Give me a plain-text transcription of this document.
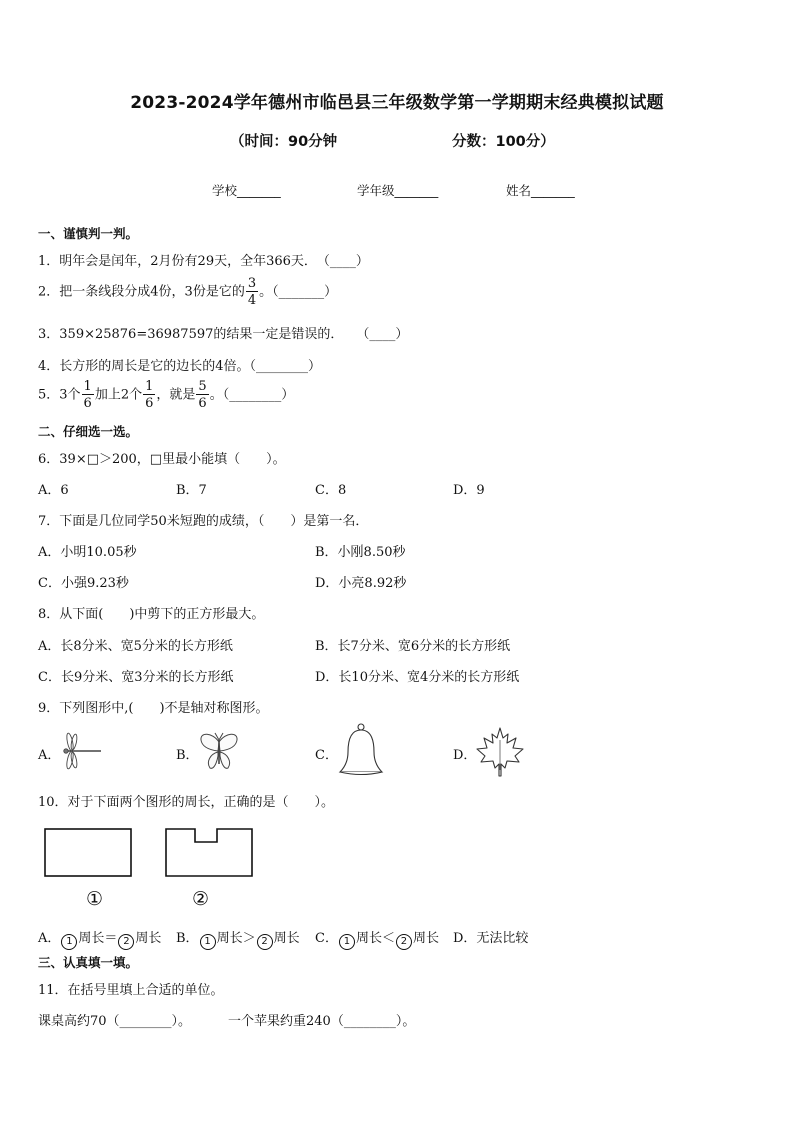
2023-2024学年德州市临邑县三年级数学第一学期期末经典模拟试题
（时间：90分钟	分数：100分）
学校_______	学年级_______	姓名_______
一、谨慎判一判。
1．明年会是闰年，2月份有29天，全年366天．　（____）
2．把一条线段分成4份，3份是它的 $\frac{3}{4}$ 。（_______）
3．359×25876=36987597的结果一定是错误的．　　（____）
4．长方形的周长是它的边长的4倍。（________）
5．3个 $\frac{1}{6}$ 加上2个 $\frac{1}{6}$ ，就是 $\frac{5}{6}$ 。（________）
二、仔细选一选。
6．39×□＞200，□里最小能填（　　）。
A．6	B．7	C．8	D．9
7．下面是几位同学50米短跑的成绩，（　　）是第一名．
A．小明10.05秒	B．小刚8.50秒
C．小强9.23秒	D．小亮8.92秒
8．从下面(　　)中剪下的正方形最大。
A．长8分米、宽5分米的长方形纸	B．长7分米、宽6分米的长方形纸
C．长9分米、宽3分米的长方形纸	D．长10分米、宽4分米的长方形纸
9．下列图形中,(　　)不是轴对称图形。
A．	B．	C．	D．
10．对于下面两个图形的周长，正确的是（　　）。
①	②
A． 1 周长＝ 2 周长 B． 1 周长＞ 2 周长 C． 1 周长＜ 2 周长 D．无法比较
三、认真填一填。
11．在括号里填上合适的单位。
课桌高约70（________）。	一个苹果约重240（________）。
